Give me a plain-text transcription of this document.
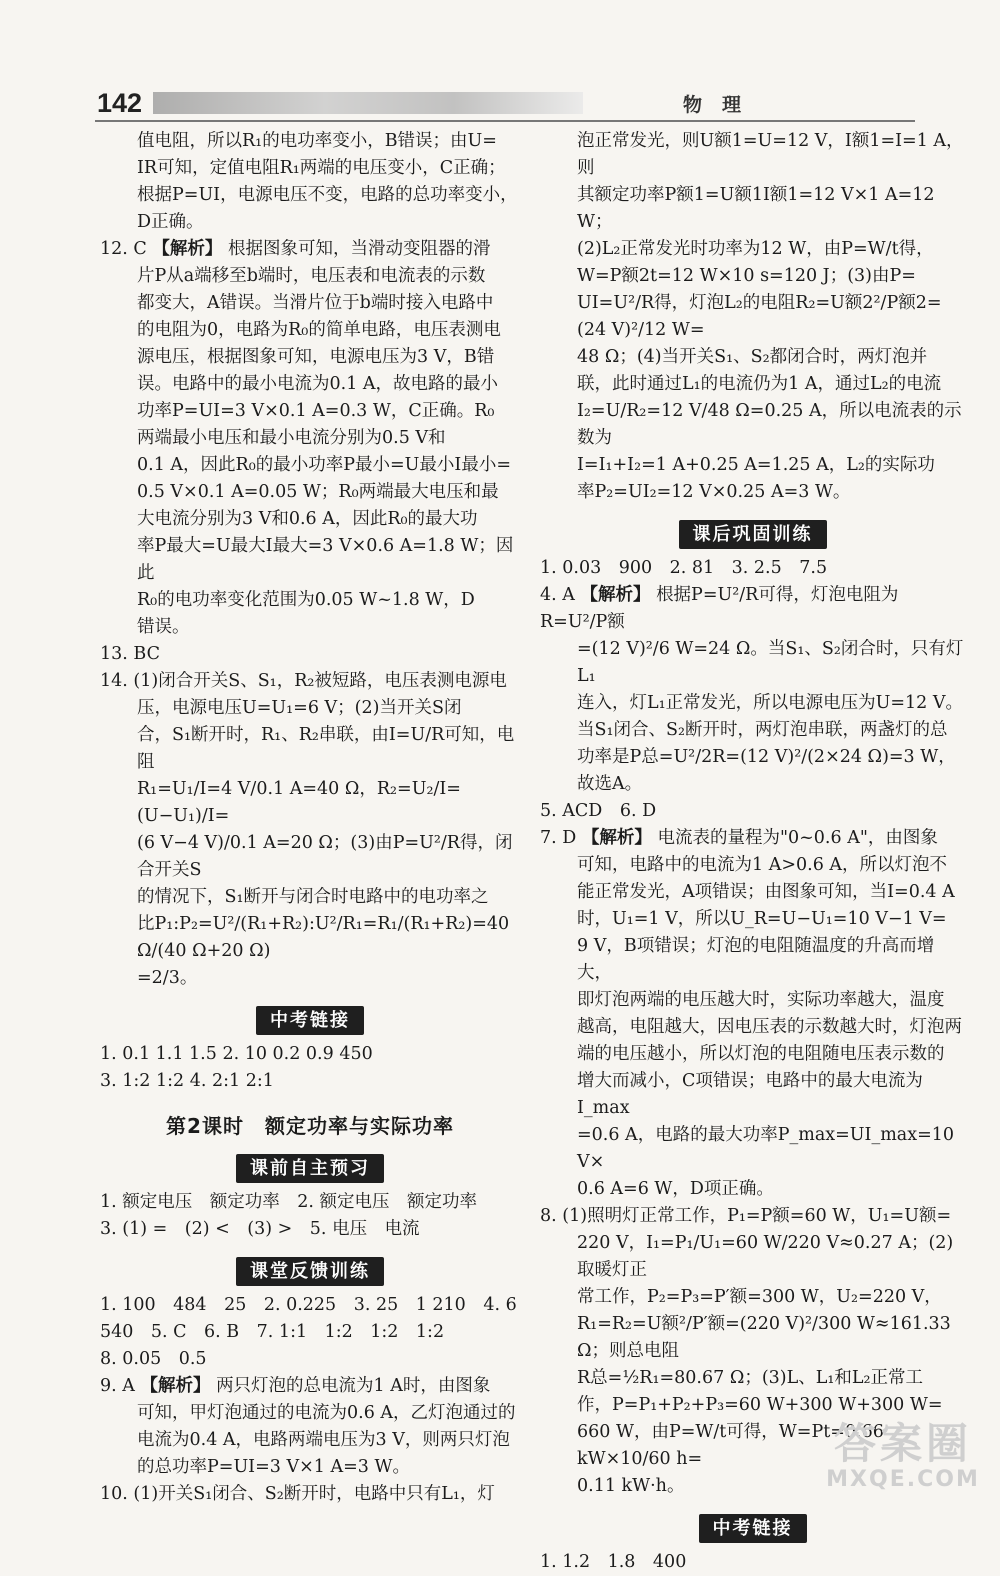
142	物理

值电阻，所以R₁的电功率变小，B错误；由U=

IR可知，定值电阻R₁两端的电压变小，C正确；

根据P=UI，电源电压不变，电路的总功率变小，

D正确。

12. C 【解析】 根据图象可知，当滑动变阻器的滑

片P从a端移至b端时，电压表和电流表的示数

都变大，A错误。当滑片位于b端时接入电路中

的电阻为0，电路为R₀的简单电路，电压表测电

源电压，根据图象可知，电源电压为3 V，B错

误。电路中的最小电流为0.1 A，故电路的最小

功率P=UI=3 V×0.1 A=0.3 W，C正确。R₀

两端最小电压和最小电流分别为0.5 V和

0.1 A，因此R₀的最小功率P最小=U最小I最小=

0.5 V×0.1 A=0.05 W；R₀两端最大电压和最

大电流分别为3 V和0.6 A，因此R₀的最大功

率P最大=U最大I最大=3 V×0.6 A=1.8 W；因此

R₀的电功率变化范围为0.05 W~1.8 W，D

错误。

13. BC

14. (1)闭合开关S、S₁，R₂被短路，电压表测电源电

压，电源电压U=U₁=6 V；(2)当开关S闭

合，S₁断开时，R₁、R₂串联，由I=U/R可知，电阻

R₁=U₁/I=4 V/0.1 A=40 Ω，R₂=U₂/I=(U−U₁)/I=

(6 V−4 V)/0.1 A=20 Ω；(3)由P=U²/R得，闭合开关S

的情况下，S₁断开与闭合时电路中的电功率之

比P₁:P₂=U²/(R₁+R₂):U²/R₁=R₁/(R₁+R₂)=40 Ω/(40 Ω+20 Ω)

=2/3。

中考链接

1. 0.1 1.1 1.5 2. 10 0.2 0.9 450

3. 1:2 1:2 4. 2:1 2:1

第2课时　额定功率与实际功率
课前自主预习

1. 额定电压　额定功率　2. 额定电压　额定功率

3. (1) =　(2) <　(3) >　5. 电压　电流

课堂反馈训练

1. 100　484　25　2. 0.225　3. 25　1 210　4. 6

540　5. C　6. B　7. 1:1　1:2　1:2　1:2

8. 0.05　0.5

9. A 【解析】 两只灯泡的总电流为1 A时，由图象

可知，甲灯泡通过的电流为0.6 A，乙灯泡通过的

电流为0.4 A，电路两端电压为3 V，则两只灯泡

的总功率P=UI=3 V×1 A=3 W。

10. (1)开关S₁闭合、S₂断开时，电路中只有L₁，灯

泡正常发光，则U额1=U=12 V，I额1=I=1 A，则

其额定功率P额1=U额1I额1=12 V×1 A=12 W；

(2)L₂正常发光时功率为12 W，由P=W/t得，

W=P额2t=12 W×10 s=120 J；(3)由P=

UI=U²/R得，灯泡L₂的电阻R₂=U额2²/P额2=(24 V)²/12 W=

48 Ω；(4)当开关S₁、S₂都闭合时，两灯泡并

联，此时通过L₁的电流仍为1 A，通过L₂的电流

I₂=U/R₂=12 V/48 Ω=0.25 A，所以电流表的示数为

I=I₁+I₂=1 A+0.25 A=1.25 A，L₂的实际功

率P₂=UI₂=12 V×0.25 A=3 W。

课后巩固训练

1. 0.03　900　2. 81　3. 2.5　7.5

4. A 【解析】 根据P=U²/R可得，灯泡电阻为R=U²/P额

=(12 V)²/6 W=24 Ω。当S₁、S₂闭合时，只有灯L₁

连入，灯L₁正常发光，所以电源电压为U=12 V。

当S₁闭合、S₂断开时，两灯泡串联，两盏灯的总

功率是P总=U²/2R=(12 V)²/(2×24 Ω)=3 W，故选A。

5. ACD　6. D

7. D 【解析】 电流表的量程为"0~0.6 A"，由图象

可知，电路中的电流为1 A>0.6 A，所以灯泡不

能正常发光，A项错误；由图象可知，当I=0.4 A

时，U₁=1 V，所以U_R=U−U₁=10 V−1 V=

9 V，B项错误；灯泡的电阻随温度的升高而增大，

即灯泡两端的电压越大时，实际功率越大，温度

越高，电阻越大，因电压表的示数越大时，灯泡两

端的电压越小，所以灯泡的电阻随电压表示数的

增大而减小，C项错误；电路中的最大电流为I_max

=0.6 A，电路的最大功率P_max=UI_max=10 V×

0.6 A=6 W，D项正确。

8. (1)照明灯正常工作，P₁=P额=60 W，U₁=U额=

220 V，I₁=P₁/U₁=60 W/220 V≈0.27 A；(2)取暖灯正

常工作，P₂=P₃=P′额=300 W，U₂=220 V，

R₁=R₂=U额²/P′额=(220 V)²/300 W≈161.33 Ω；则总电阻

R总=½R₁=80.67 Ω；(3)L、L₁和L₂正常工

作，P=P₁+P₂+P₃=60 W+300 W+300 W=

660 W，由P=W/t可得，W=Pt=0.66 kW×10/60 h=

0.11 kW·h。

中考链接

1. 1.2　1.8　400

答案圈
MXQE.COM
